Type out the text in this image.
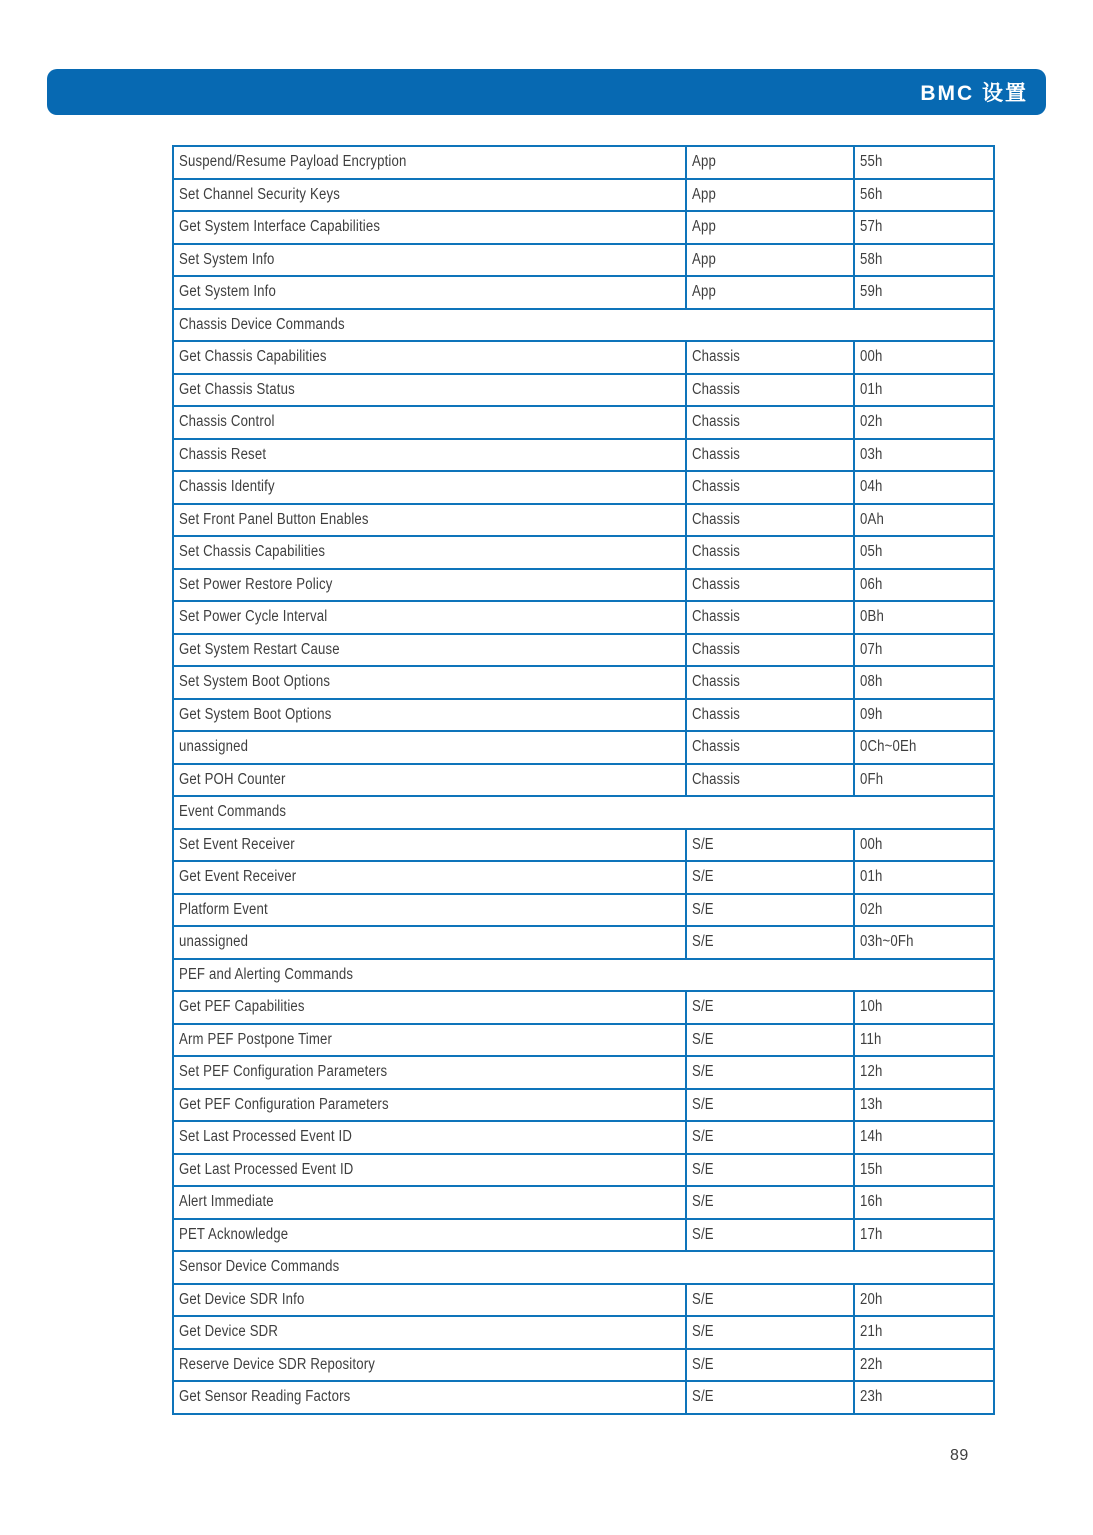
BMC 设置
Suspend/Resume Payload Encryption	App	55h
Set Channel Security Keys	App	56h
Get System Interface Capabilities	App	57h
Set System Info	App	58h
Get System Info	App	59h
Chassis Device Commands		
Get Chassis Capabilities	Chassis	00h
Get Chassis Status	Chassis	01h
Chassis Control	Chassis	02h
Chassis Reset	Chassis	03h
Chassis Identify	Chassis	04h
Set Front Panel Button Enables	Chassis	0Ah
Set Chassis Capabilities	Chassis	05h
Set Power Restore Policy	Chassis	06h
Set Power Cycle Interval	Chassis	0Bh
Get System Restart Cause	Chassis	07h
Set System Boot Options	Chassis	08h
Get System Boot Options	Chassis	09h
unassigned	Chassis	0Ch~0Eh
Get POH Counter	Chassis	0Fh
Event Commands		
Set Event Receiver	S/E	00h
Get Event Receiver	S/E	01h
Platform Event	S/E	02h
unassigned	S/E	03h~0Fh
PEF and Alerting Commands		
Get PEF Capabilities	S/E	10h
Arm PEF Postpone Timer	S/E	11h
Set PEF Configuration Parameters	S/E	12h
Get PEF Configuration Parameters	S/E	13h
Set Last Processed Event ID	S/E	14h
Get Last Processed Event ID	S/E	15h
Alert Immediate	S/E	16h
PET Acknowledge	S/E	17h
Sensor Device Commands		
Get Device SDR Info	S/E	20h
Get Device SDR	S/E	21h
Reserve Device SDR Repository	S/E	22h
Get Sensor Reading Factors	S/E	23h
89
